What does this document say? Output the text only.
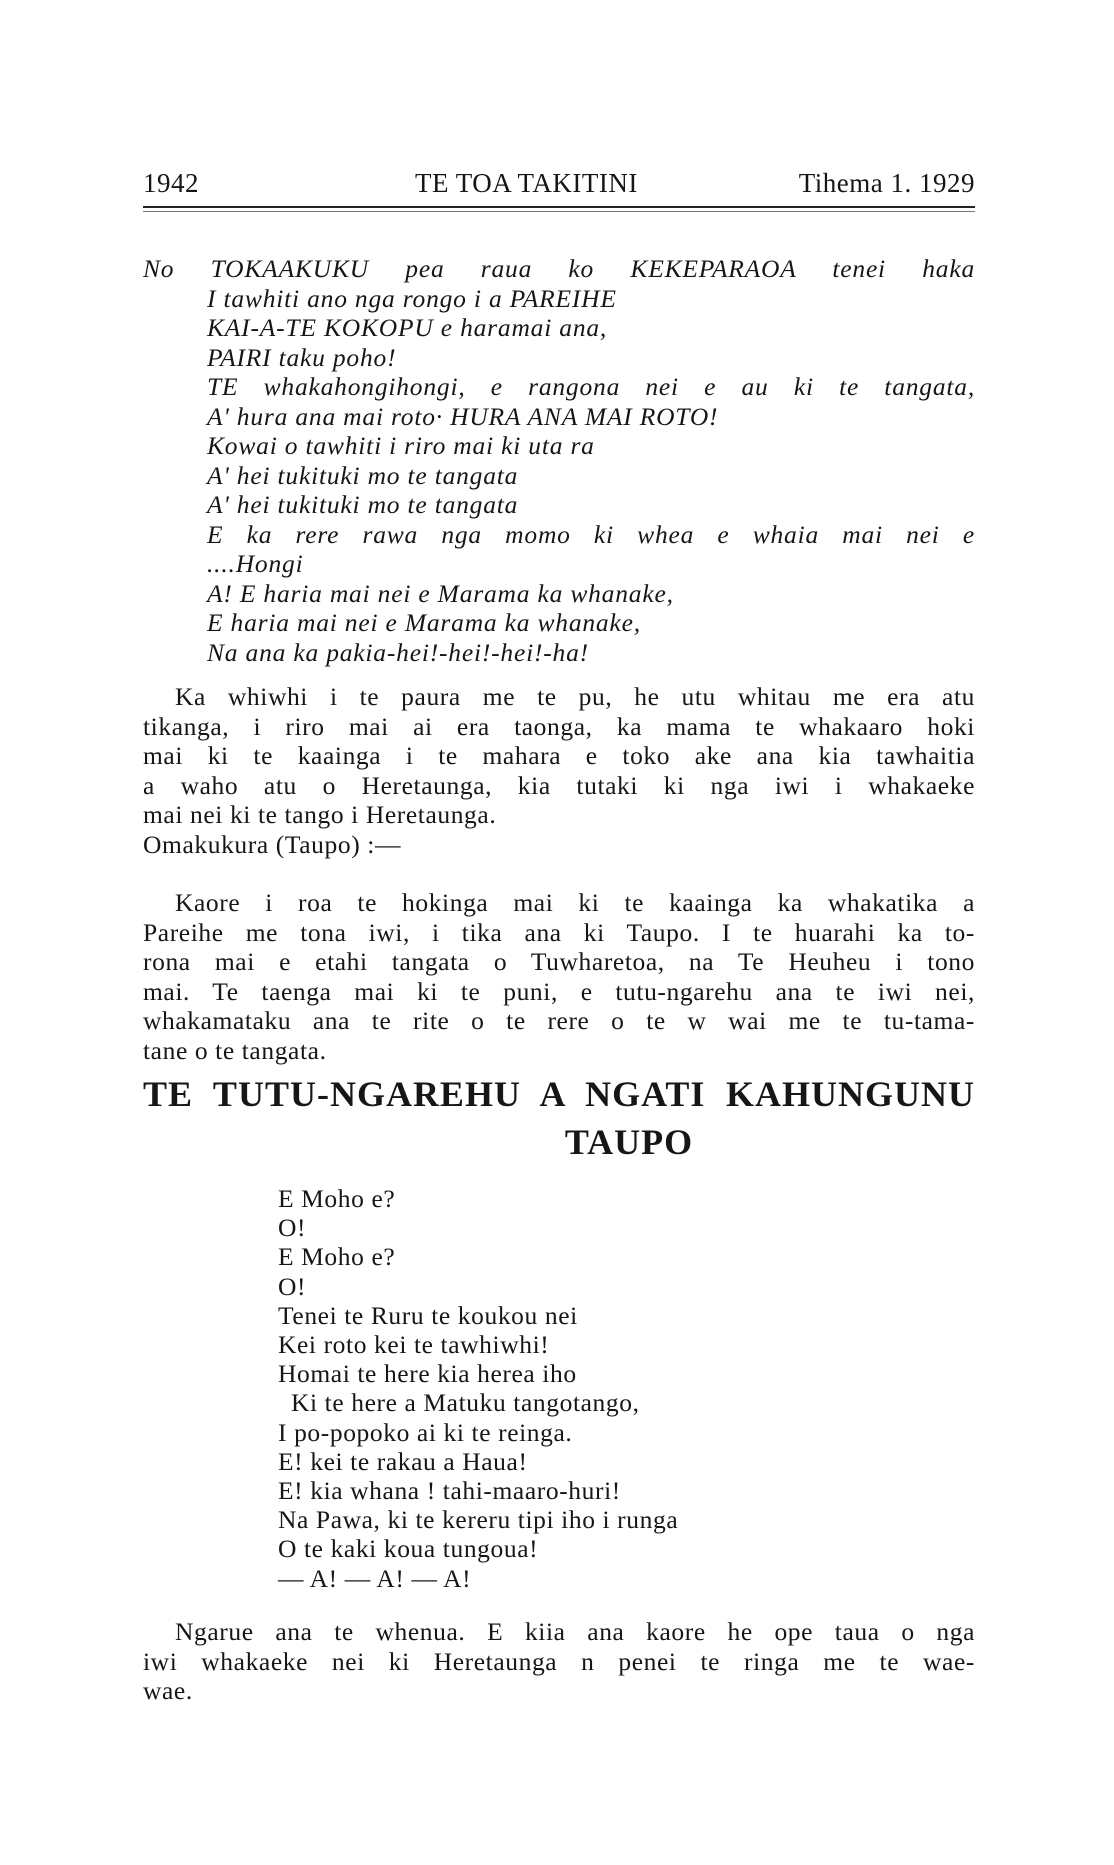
1942	TE TOA TAKITINI	Tihema 1. 1929
No TOKAAKUKU pea raua ko KEKEPARAOA tenei haka
I tawhiti ano nga rongo i a PAREIHE
KAI-A-TE KOKOPU e haramai ana,
PAIRI taku poho!
TE whakahongihongi, e rangona nei e au ki te tangata,
A' hura ana mai roto· HURA ANA MAI ROTO!
Kowai o tawhiti i riro mai ki uta ra
A' hei tukituki mo te tangata
A' hei tukituki mo te tangata
E ka rere rawa nga momo ki whea e whaia mai nei e
....Hongi
A! E haria mai nei e Marama ka whanake,
E haria mai nei e Marama ka whanake,
Na ana ka pakia-hei!-hei!-hei!-ha!

Ka whiwhi i te paura me te pu, he utu whitau me era atu

tikanga, i riro mai ai era taonga, ka mama te whakaaro hoki

mai ki te kaainga i te mahara e toko ake ana kia tawhaitia

a waho atu o Heretaunga, kia tutaki ki nga iwi i whakaeke

mai nei ki te tango i Heretaunga.

Omakukura (Taupo) :—

Kaore i roa te hokinga mai ki te kaainga ka whakatika a

Pareihe me tona iwi, i tika ana ki Taupo. I te huarahi ka to-

rona mai e etahi tangata o Tuwharetoa, na Te Heuheu i tono

mai. Te taenga mai ki te puni, e tutu-ngarehu ana te iwi nei,

whakamataku ana te rite o te rere o te w wai me te tu-tama-

tane o te tangata.

TE TUTU-NGAREHU A NGATI KAHUNGUNU
TAUPO
E Moho e?
O!
E Moho e?
O!
Tenei te Ruru te koukou nei
Kei roto kei te tawhiwhi!
Homai te here kia herea iho
Ki te here a Matuku tangotango,
I po-popoko ai ki te reinga.
E! kei te rakau a Haua!
E! kia whana ! tahi-maaro-huri!
Na Pawa, ki te kereru tipi iho i runga
O te kaki koua tungoua!
— A! — A! — A!

Ngarue ana te whenua. E kiia ana kaore he ope taua o nga

iwi whakaeke nei ki Heretaunga n penei te ringa me te wae-

wae.
